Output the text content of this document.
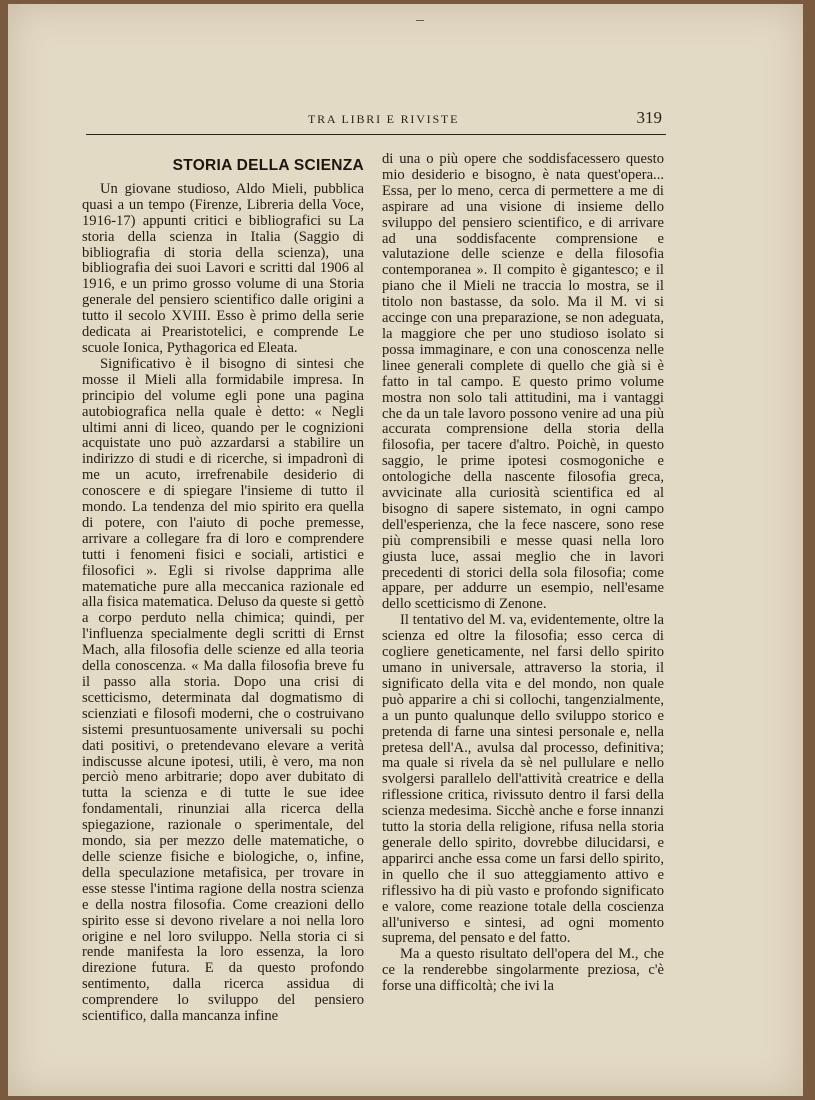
TRA LIBRI E RIVISTE	319
STORIA DELLA SCIENZA

Un giovane studioso, Aldo Mieli, pubblica quasi a un tempo (Firenze, Libreria della Voce, 1916-17) appunti critici e bibliografici su La storia della scienza in Italia (Saggio di bibliografia di storia della scienza), una bibliografia dei suoi Lavori e scritti dal 1906 al 1916, e un primo grosso volume di una Storia generale del pensiero scientifico dalle origini a tutto il secolo XVIII. Esso è primo della serie dedicata ai Prearistotelici, e comprende Le scuole Ionica, Pythagorica ed Eleata.

Significativo è il bisogno di sintesi che mosse il Mieli alla formidabile impresa. In principio del volume egli pone una pagina autobiografica nella quale è detto: « Negli ultimi anni di liceo, quando per le cognizioni acquistate uno può azzardarsi a stabilire un indirizzo di studi e di ricerche, si impadronì di me un acuto, irrefrenabile desiderio di conoscere e di spiegare l'insieme di tutto il mondo. La tendenza del mio spirito era quella di potere, con l'aiuto di poche premesse, arrivare a collegare fra di loro e comprendere tutti i fenomeni fisici e sociali, artistici e filosofici ». Egli si rivolse dapprima alle matematiche pure alla meccanica razionale ed alla fisica matematica. Deluso da queste si gettò a corpo perduto nella chimica; quindi, per l'influenza specialmente degli scritti di Ernst Mach, alla filosofia delle scienze ed alla teoria della conoscenza. « Ma dalla filosofia breve fu il passo alla storia. Dopo una crisi di scetticismo, determinata dal dogmatismo di scienziati e filosofi moderni, che o costruivano sistemi presuntuosamente universali su pochi dati positivi, o pretendevano elevare a verità indiscusse alcune ipotesi, utili, è vero, ma non perciò meno arbitrarie; dopo aver dubitato di tutta la scienza e di tutte le sue idee fondamentali, rinunziai alla ricerca della spiegazione, razionale o sperimentale, del mondo, sia per mezzo delle matematiche, o delle scienze fisiche e biologiche, o, infine, della speculazione metafisica, per trovare in esse stesse l'intima ragione della nostra scienza e della nostra filosofia. Come creazioni dello spirito esse si devono rivelare a noi nella loro origine e nel loro sviluppo. Nella storia ci si rende manifesta la loro essenza, la loro direzione futura. E da questo profondo sentimento, dalla ricerca assidua di comprendere lo sviluppo del pensiero scientifico, dalla mancanza infine

di una o più opere che soddisfacessero questo mio desiderio e bisogno, è nata quest'opera... Essa, per lo meno, cerca di permettere a me di aspirare ad una visione di insieme dello sviluppo del pensiero scientifico, e di arrivare ad una soddisfacente comprensione e valutazione delle scienze e della filosofia contemporanea ». Il compito è gigantesco; e il piano che il Mieli ne traccia lo mostra, se il titolo non bastasse, da solo. Ma il M. vi si accinge con una preparazione, se non adeguata, la maggiore che per uno studioso isolato si possa immaginare, e con una conoscenza nelle linee generali complete di quello che già si è fatto in tal campo. E questo primo volume mostra non solo tali attitudini, ma i vantaggi che da un tale lavoro possono venire ad una più accurata comprensione della storia della filosofia, per tacere d'altro. Poichè, in questo saggio, le prime ipotesi cosmogoniche e ontologiche della nascente filosofia greca, avvicinate alla curiosità scientifica ed al bisogno di sapere sistemato, in ogni campo dell'esperienza, che la fece nascere, sono rese più comprensibili e messe quasi nella loro giusta luce, assai meglio che in lavori precedenti di storici della sola filosofia; come appare, per addurre un esempio, nell'esame dello scetticismo di Zenone.

Il tentativo del M. va, evidentemente, oltre la scienza ed oltre la filosofia; esso cerca di cogliere geneticamente, nel farsi dello spirito umano in universale, attraverso la storia, il significato della vita e del mondo, non quale può apparire a chi si collochi, tangenzialmente, a un punto qualunque dello sviluppo storico e pretenda di farne una sintesi personale e, nella pretesa dell'A., avulsa dal processo, definitiva; ma quale si rivela da sè nel pullulare e nello svolgersi parallelo dell'attività creatrice e della riflessione critica, rivissuto dentro il farsi della scienza medesima. Sicchè anche e forse innanzi tutto la storia della religione, rifusa nella storia generale dello spirito, dovrebbe dilucidarsi, e apparirci anche essa come un farsi dello spirito, in quello che il suo atteggiamento attivo e riflessivo ha di più vasto e profondo significato e valore, come reazione totale della coscienza all'universo e sintesi, ad ogni momento suprema, del pensato e del fatto.

Ma a questo risultato dell'opera del M., che ce la renderebbe singolarmente preziosa, c'è forse una difficoltà; che ivi la
